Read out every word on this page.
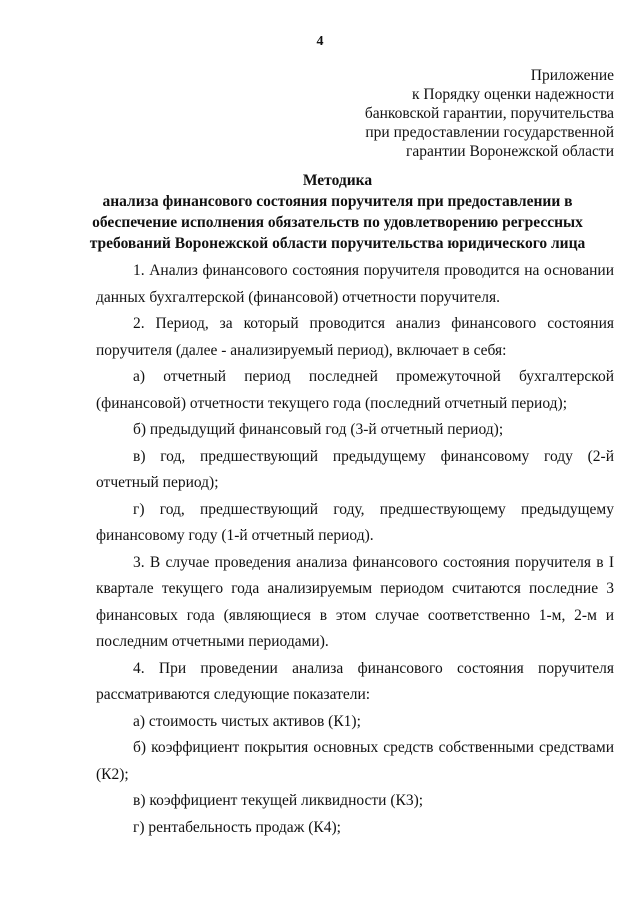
4
Приложение
к Порядку оценки надежности
банковской гарантии, поручительства
при предоставлении государственной
гарантии Воронежской области
Методика
анализа финансового состояния поручителя при предоставлении в обеспечение исполнения обязательств по удовлетворению регрессных требований Воронежской области поручительства юридического лица

1. Анализ финансового состояния поручителя проводится на основании данных бухгалтерской (финансовой) отчетности поручителя.

2. Период, за который проводится анализ финансового состояния поручителя (далее - анализируемый период), включает в себя:

а) отчетный период последней промежуточной бухгалтерской (финансовой) отчетности текущего года (последний отчетный период);

б) предыдущий финансовый год (3-й отчетный период);

в) год, предшествующий предыдущему финансовому году (2-й отчетный период);

г) год, предшествующий году, предшествующему предыдущему финансовому году (1-й отчетный период).

3. В случае проведения анализа финансового состояния поручителя в I квартале текущего года анализируемым периодом считаются последние 3 финансовых года (являющиеся в этом случае соответственно 1-м, 2-м и последним отчетными периодами).

4. При проведении анализа финансового состояния поручителя рассматриваются следующие показатели:

а) стоимость чистых активов (К1);

б) коэффициент покрытия основных средств собственными средствами (К2);

в) коэффициент текущей ликвидности (К3);

г) рентабельность продаж (К4);
